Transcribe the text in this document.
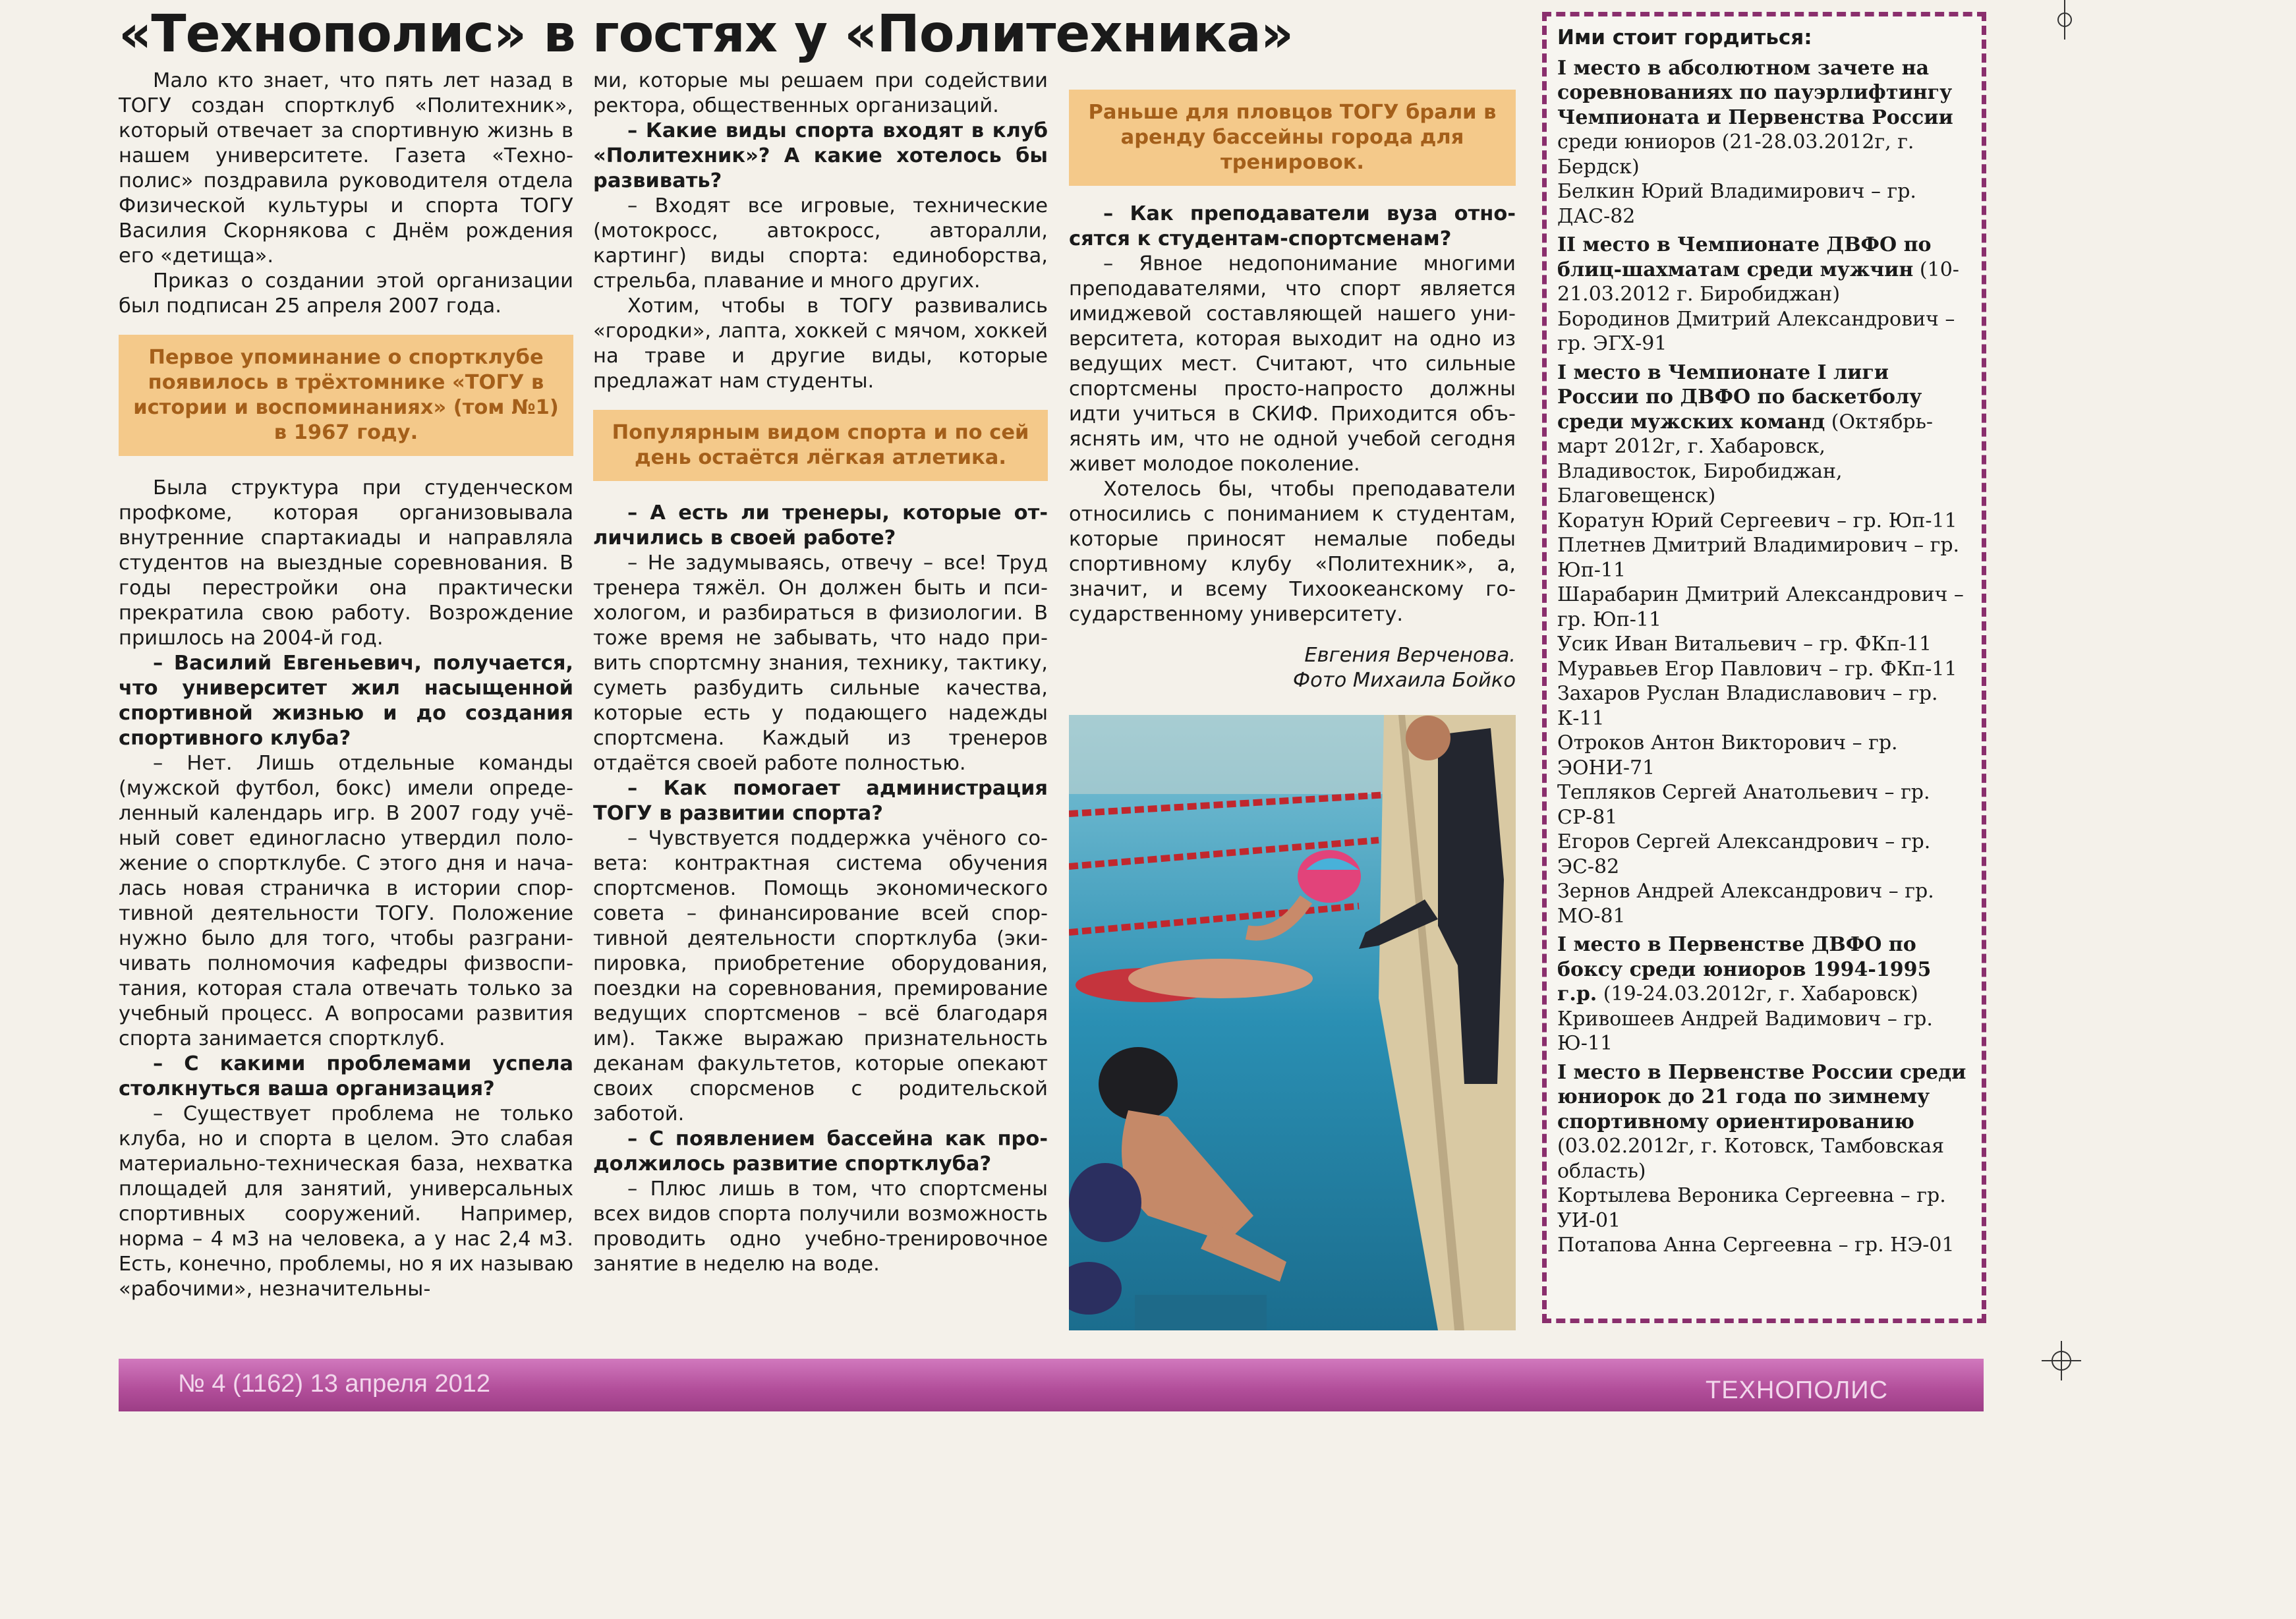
«Технополис» в гостях у «Политехника»

Мало кто знает, что пять лет назад в ТОГУ создан спортклуб «Политехник», который отвечает за спортивную жизнь в нашем университете. Газета «Технополис» поздравила руководителя отдела Физической культуры и спорта ТОГУ Василия Скорнякова с Днём рождения его «детища».

Приказ о создании этой организации был подписан 25 апреля 2007 года.

Первое упоминание о спортклубе появилось в трёхтомнике «ТОГУ в истории и воспоминаниях» (том №1) в 1967 году.

Была структура при студенческом профкоме, которая организовывала внутренние спартакиады и направляла студентов на выездные соревнования. В годы перестройки она практически прекратила свою работу. Возрождение пришлось на 2004-й год.

– Василий Евгеньевич, получается, что университет жил насыщенной спортивной жизнью и до создания спортивного клуба?

– Нет. Лишь отдельные команды (мужской футбол, бокс) имели определенный календарь игр. В 2007 году учёный совет единогласно утвердил положение о спортклубе. С этого дня и началась новая страничка в истории спортивной деятельности ТОГУ. Положение нужно было для того, чтобы разграничивать полномочия кафедры физвоспитания, которая стала отвечать только за учебный процесс. А вопросами развития спорта занимается спортклуб.

– С какими проблемами успела столкнуться ваша организация?

– Существует проблема не только клуба, но и спорта в целом. Это слабая материально-техническая база, нехватка площадей для занятий, универсальных спортивных сооружений. Например, норма – 4 м3 на человека, а у нас 2,4 м3. Есть, конечно, проблемы, но я их называю «рабочими», незначительны-

ми, которые мы решаем при содействии ректора, общественных организаций.

– Какие виды спорта входят в клуб «Политехник»? А какие хотелось бы развивать?

– Входят все игровые, технические (мотокросс, автокросс, авторалли, картинг) виды спорта: единоборства, стрельба, плавание и много других.

Хотим, чтобы в ТОГУ развивались «городки», лапта, хоккей с мячом, хоккей на траве и другие виды, которые предлажат нам студенты.

Популярным видом спорта и по сей день остаётся лёгкая атлетика.

– А есть ли тренеры, которые отличились в своей работе?

– Не задумываясь, отвечу – все! Труд тренера тяжёл. Он должен быть и психологом, и разбираться в физиологии. В тоже время не забывать, что надо привить спортсмну знания, технику, тактику, суметь разбудить сильные качества, которые есть у подающего надежды спортсмена. Каждый из тренеров отдаётся своей работе полностью.

– Как помогает администрация ТОГУ в развитии спорта?

– Чувствуется поддержка учёного совета: контрактная система обучения спортсменов. Помощь экономического совета – финансирование всей спортивной деятельности спортклуба (экипировка, приобретение оборудования, поездки на соревнования, премирование ведущих спортсменов – всё благодаря им). Также выражаю признательность деканам факультетов, которые опекают своих спорсменов с родительской заботой.

– С появлением бассейна как продолжилось развитие спортклуба?

– Плюс лишь в том, что спортсмены всех видов спорта получили возможность проводить одно учебно-тренировочное занятие в неделю на воде.

Раньше для пловцов ТОГУ брали в аренду бассейны города для тренировок.

– Как преподаватели вуза относятся к студентам-спортсменам?

– Явное недопонимание многими преподавателями, что спорт является имиджевой составляющей нашего университета, которая выходит на одно из ведущих мест. Считают, что сильные спортсмены просто-напросто должны идти учиться в СКИФ. Приходится объяснять им, что не одной учебой сегодня живет молодое поколение.

Хотелось бы, чтобы преподаватели относились с пониманием к студентам, которые приносят немалые победы спортивному клубу «Политехник», а, значит, и всему Тихоокеанскому государственному университету.

Евгения Верченова.
Фото Михаила Бойко
Ими стоит гордиться:
I место в абсолютном зачете на соревнованиях по пауэрлифтингу Чемпионата и Первенства России среди юниоров (21-28.03.2012г, г. Бердск)
Белкин Юрий Владимирович – гр. ДАС-82
II место в Чемпионате ДВФО по блиц-шахматам среди мужчин (10-21.03.2012 г. Биробиджан)
Бородинов Дмитрий Александрович – гр. ЭГХ-91
I место в Чемпионате I лиги России по ДВФО по баскетболу среди мужских команд (Октябрь-март 2012г, г. Хабаровск, Владивосток, Биробиджан, Благовещенск)
Коратун Юрий Сергеевич – гр. Юп-11
Плетнев Дмитрий Владимирович – гр. Юп-11
Шарабарин Дмитрий Александрович – гр. Юп-11
Усик Иван Витальевич – гр. ФКп-11
Муравьев Егор Павлович – гр. ФКп-11
Захаров Руслан Владиславович – гр. К-11
Отроков Антон Викторович – гр. ЭОНИ-71
Тепляков Сергей Анатольевич – гр. СР-81
Егоров Сергей Александрович – гр. ЭС-82
Зернов Андрей Александрович – гр. МО-81
I место в Первенстве ДВФО по боксу среди юниоров 1994-1995 г.р. (19-24.03.2012г, г. Хабаровск)
Кривошеев Андрей Вадимович – гр. Ю-11
I место в Первенстве России среди юниорок до 21 года по зимнему спортивному ориентированию (03.02.2012г, г. Котовск, Тамбовская область)
Кортылева Вероника Сергеевна – гр. УИ-01
Потапова Анна Сергеевна – гр. НЭ-01
№ 4 (1162) 13 апреля 2012	ТЕХНОПОЛИС
